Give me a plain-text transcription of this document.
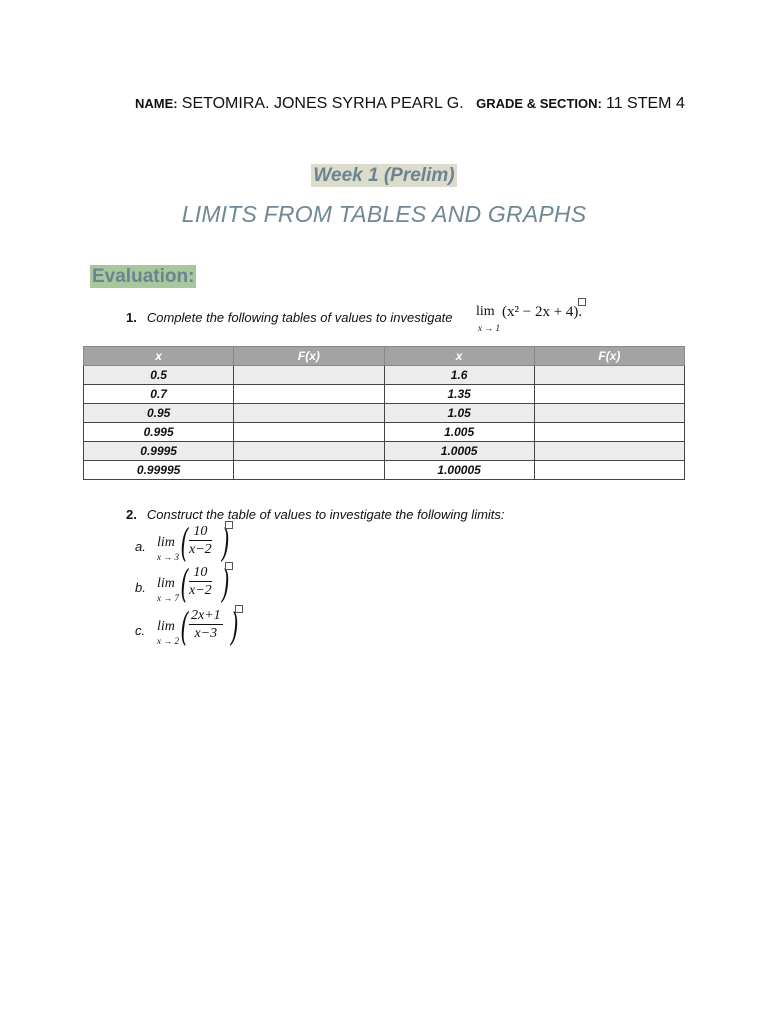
NAME: SETOMIRA. JONES SYRHA PEARL G. GRADE & SECTION: 11 STEM 4
Week 1 (Prelim)
LIMITS FROM TABLES AND GRAPHS
Evaluation:
1. Complete the following tables of values to investigate lim
x → 1
(x² − 2x + 4).
x	F(x)	x	F(x)
0.5		1.6	
0.7		1.35	
0.95		1.05	
0.995		1.005	
0.9995		1.0005	
0.99995		1.00005	
2. Construct the table of values to investigate the following limits:
a. lim
x → 3 ( $\frac{10}{x-2}$ )
b. lim
x → 7 ( $\frac{10}{x-2}$ )
c. lim
x → 2 ( $\frac{2x+1}{x-3}$ )
